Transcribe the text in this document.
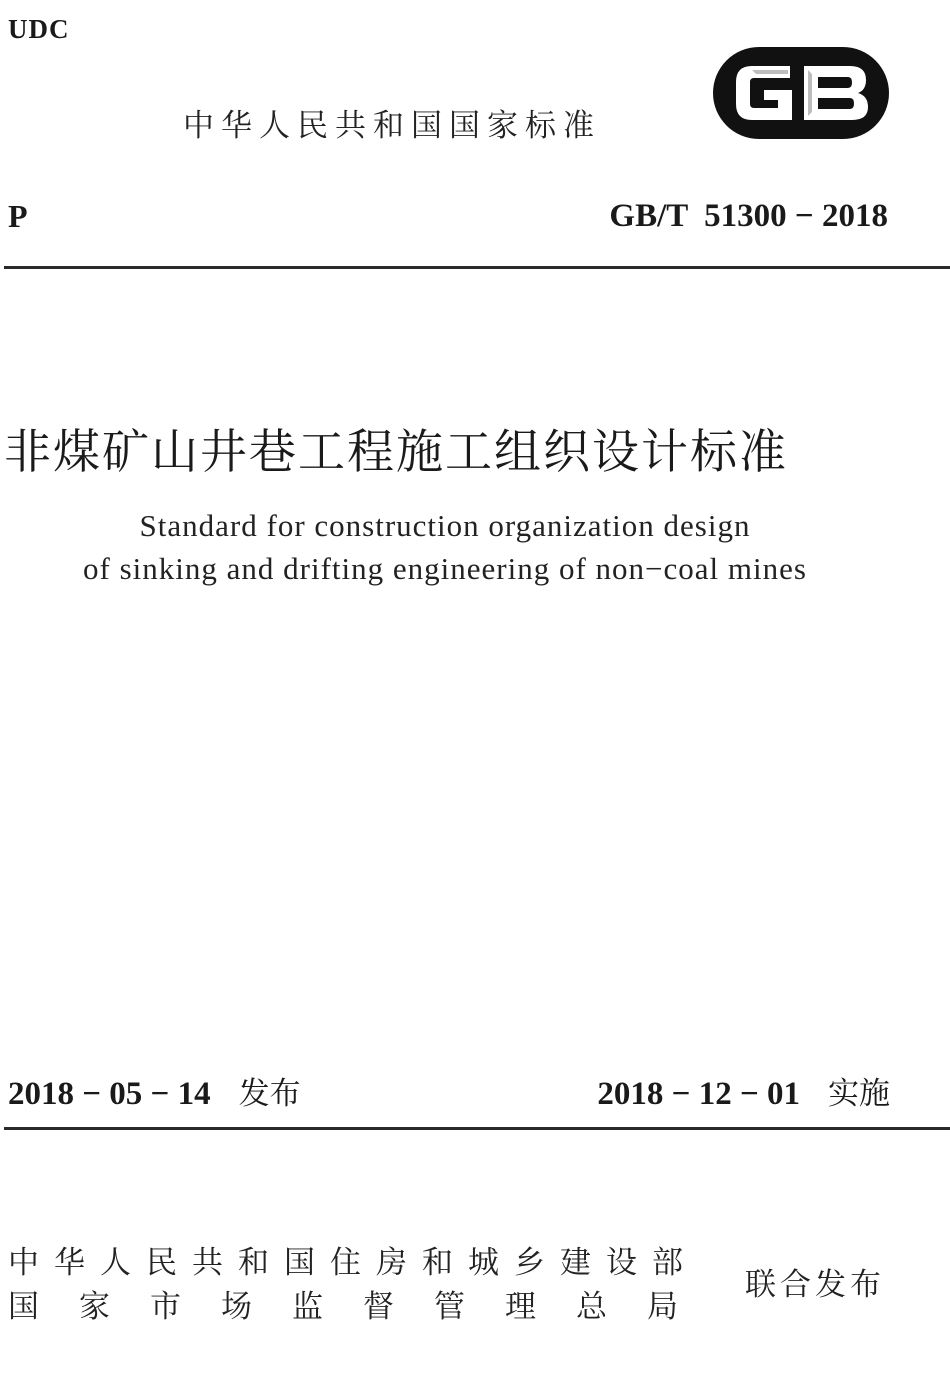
UDC
中华人民共和国国家标准
P	GB/T  51300 − 2018
非煤矿山井巷工程施工组织设计标准
Standard for construction organization design
of sinking and drifting engineering of non−coal mines
2018 − 05 − 14 发布	2018 − 12 − 01 实施
中华人民共和国住房和城乡建设部
国家市场监督管理总局
联合发布
